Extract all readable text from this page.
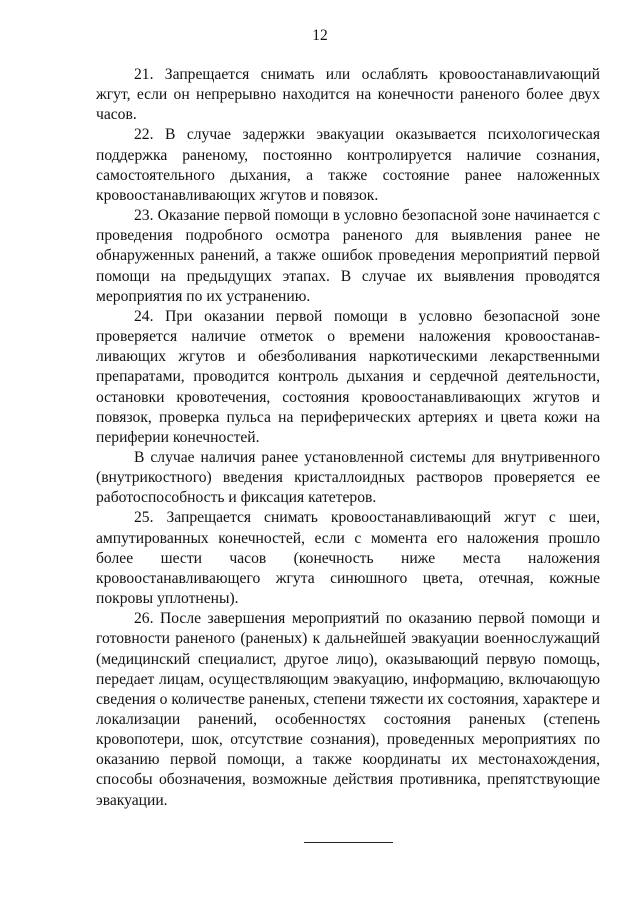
12

21. Запрещается снимать или ослаблять кровоостанавлиvающий жгут, если он непрерывно находится на конечности раненого более двух часов.

22. В случае задержки эвакуации оказывается психологическая поддержка раненому, постоянно контролируется наличие сознания, самостоятельного дыхания, а также состояние ранее наложенных кровоостанавливающих жгутов и повязок.

23. Оказание первой помощи в условно безопасной зоне начинается с проведения подробного осмотра раненого для выявления ранее не обнаруженных ранений, а также ошибок проведения мероприятий первой помощи на предыдущих этапах. В случае их выявления проводятся мероприятия по их устранению.

24. При оказании первой помощи в условно безопасной зоне проверяется наличие отметок о времени наложения кровоостанавливающих жгутов и обезболивания наркотическими лекарственными препаратами, проводится контроль дыхания и сердечной деятельности, остановки кровотечения, состояния кровоостанавливающих жгутов и повязок, проверка пульса на периферических артериях и цвета кожи на периферии конечностей.

В случае наличия ранее установленной системы для внутривенного (внутрикостного) введения кристаллоидных растворов проверяется ее работоспособность и фиксация катетеров.

25. Запрещается снимать кровоостанавливающий жгут с шеи, ампутированных конечностей, если с момента его наложения прошло более шести часов (конечность ниже места наложения кровоостанавливающего жгута синюшного цвета, отечная, кожные покровы уплотнены).

26. После завершения мероприятий по оказанию первой помощи и готовности раненого (раненых) к дальнейшей эвакуации военнослужащий (медицинский специалист, другое лицо), оказывающий первую помощь, передает лицам, осуществляющим эвакуацию, информацию, включающую сведения о количестве раненых, степени тяжести их состояния, характере и локализации ранений, особенностях состояния раненых (степень кровопотери, шок, отсутствие сознания), проведенных мероприятиях по оказанию первой помощи, а также координаты их местонахождения, способы обозначения, возможные действия противника, препятствующие эвакуации.
